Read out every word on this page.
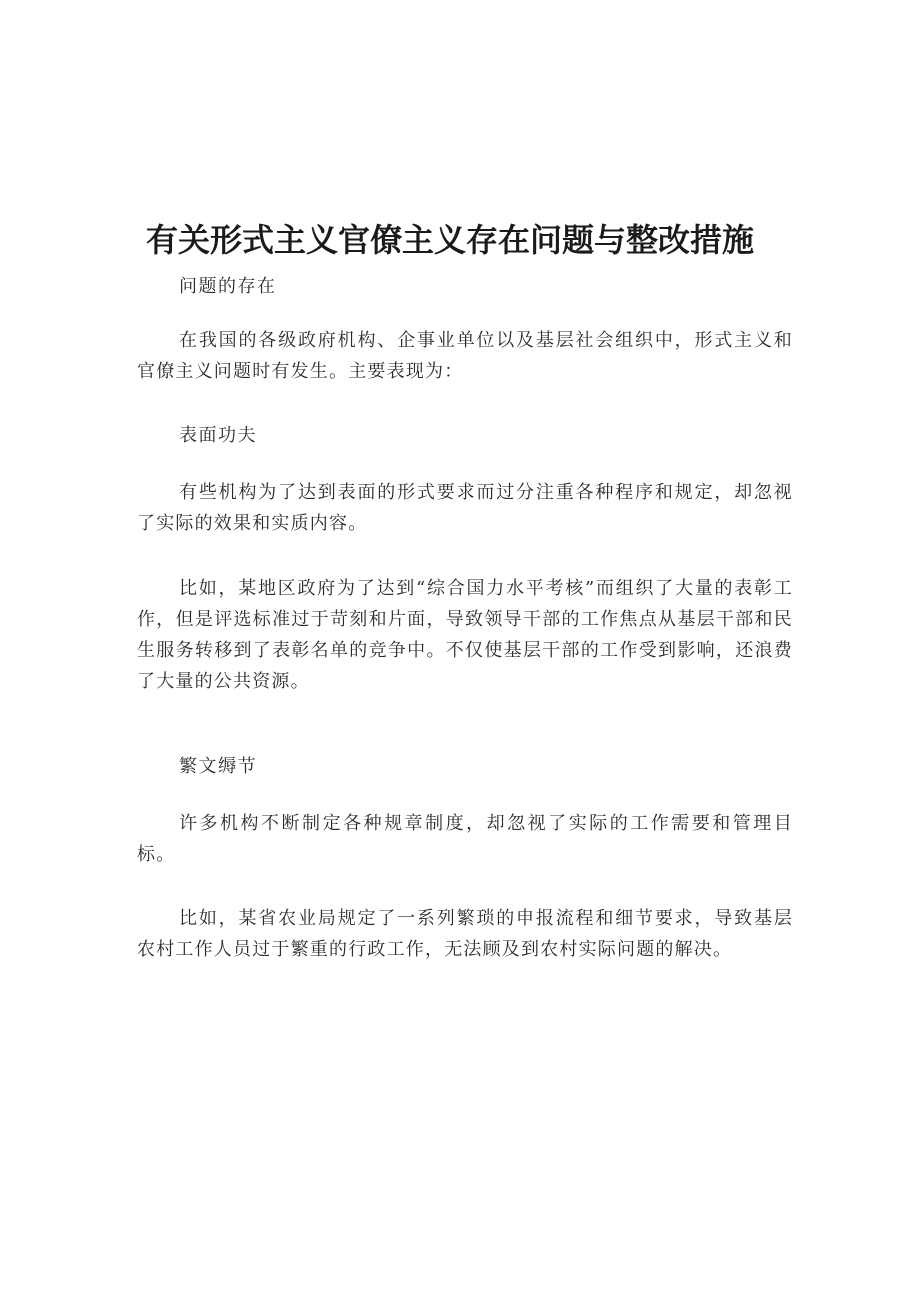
有关形式主义官僚主义存在问题与整改措施

问题的存在

在我国的各级政府机构、企事业单位以及基层社会组织中，形式主义和官僚主义问题时有发生。主要表现为：

表面功夫

有些机构为了达到表面的形式要求而过分注重各种程序和规定，却忽视了实际的效果和实质内容。

比如，某地区政府为了达到“综合国力水平考核”而组织了大量的表彰工作，但是评选标准过于苛刻和片面，导致领导干部的工作焦点从基层干部和民生服务转移到了表彰名单的竞争中。不仅使基层干部的工作受到影响，还浪费了大量的公共资源。

繁文缛节

许多机构不断制定各种规章制度，却忽视了实际的工作需要和管理目标。

比如，某省农业局规定了一系列繁琐的申报流程和细节要求，导致基层农村工作人员过于繁重的行政工作，无法顾及到农村实际问题的解决。
